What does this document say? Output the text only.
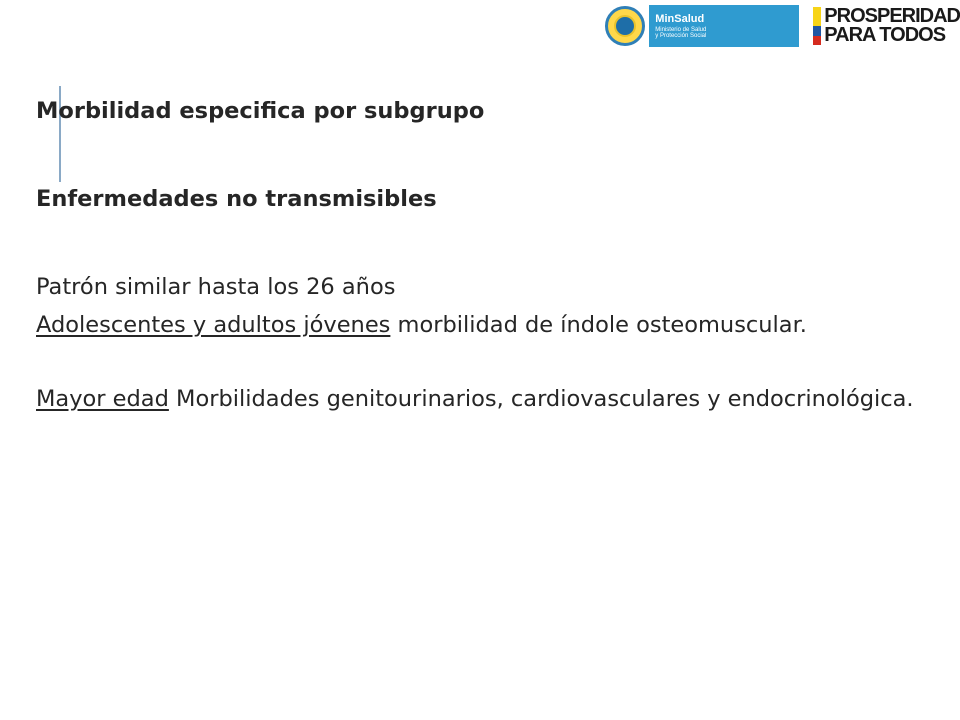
MinSalud
Ministerio de Salud
y Protección Social
PROSPERIDAD
PARA TODOS

Morbilidad especifica por subgrupo

Enfermedades no transmisibles

Patrón similar hasta los 26 años

Adolescentes y adultos jóvenes morbilidad de índole osteomuscular.

Mayor edad Morbilidades genitourinarios, cardiovasculares y endocrinológica.
